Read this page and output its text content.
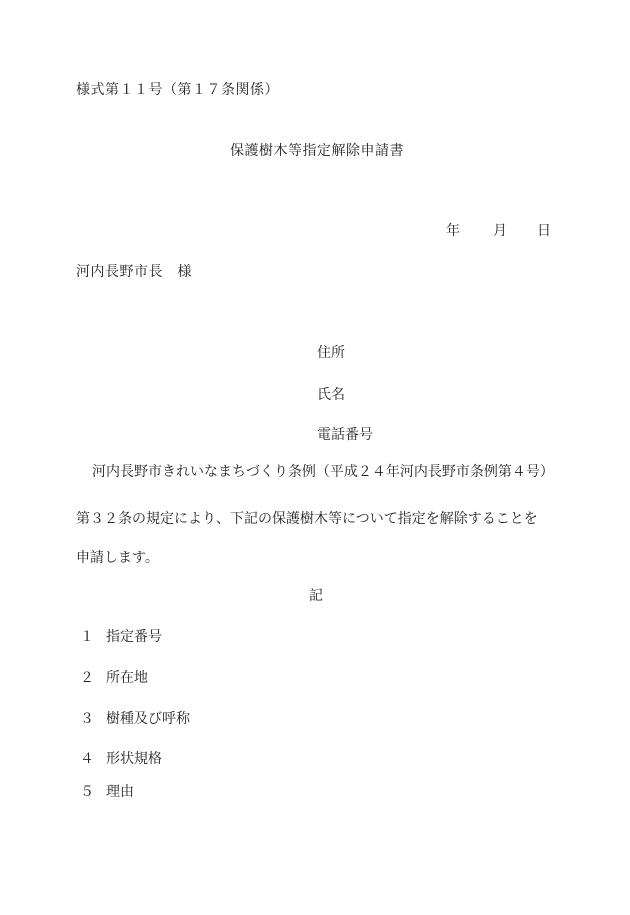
様式第１１号（第１７条関係）
保護樹木等指定解除申請書
年 月 日
河内長野市長　様
住所
氏名
電話番号
河内長野市きれいなまちづくり条例（平成２４年河内長野市条例第４号）
第３２条の規定により、下記の保護樹木等について指定を解除することを
申請します。
記
１ 指定番号
２ 所在地
３ 樹種及び呼称
４ 形状規格
５ 理由
